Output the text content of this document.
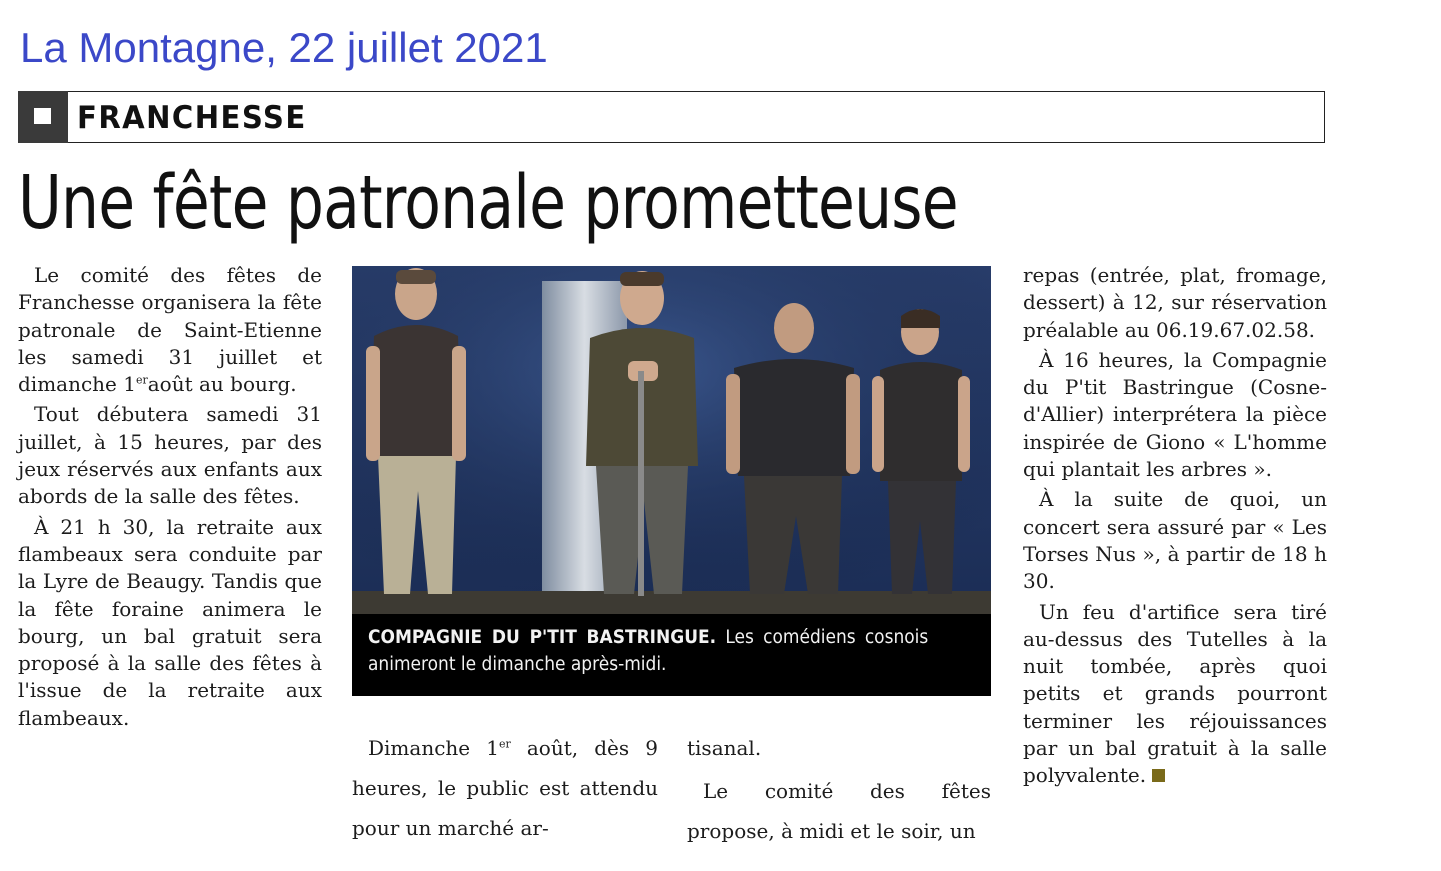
La Montagne, 22 juillet 2021
FRANCHESSE
Une fête patronale prometteuse

Le comité des fêtes de Franchesse organisera la fête patronale de Saint-Etienne les samedi 31 juillet et dimanche 1eraoût au bourg.

Tout débutera samedi 31 juillet, à 15 heures, par des jeux réservés aux enfants aux abords de la salle des fêtes.

À 21 h 30, la retraite aux flambeaux sera conduite par la Lyre de Beaugy. Tandis que la fête foraine animera le bourg, un bal gratuit sera proposé à la salle des fêtes à l'issue de la retraite aux flambeaux.

COMPAGNIE DU P'TIT BASTRINGUE. Les comédiens cosnois animeront le dimanche après-midi.

Dimanche 1er août, dès 9 heures, le public est attendu pour un marché ar-

tisanal.

Le comité des fêtes propose, à midi et le soir, un

repas (entrée, plat, fromage, dessert) à 12, sur réservation préalable au 06.19.67.02.58.

À 16 heures, la Compagnie du P'tit Bastringue (Cosne-d'Allier) interprétera la pièce inspirée de Giono « L'homme qui plantait les arbres ».

À la suite de quoi, un concert sera assuré par « Les Torses Nus », à partir de 18 h 30.

Un feu d'artifice sera tiré au-dessus des Tutelles à la nuit tombée, après quoi petits et grands pourront terminer les réjouissances par un bal gratuit à la salle polyvalente.
